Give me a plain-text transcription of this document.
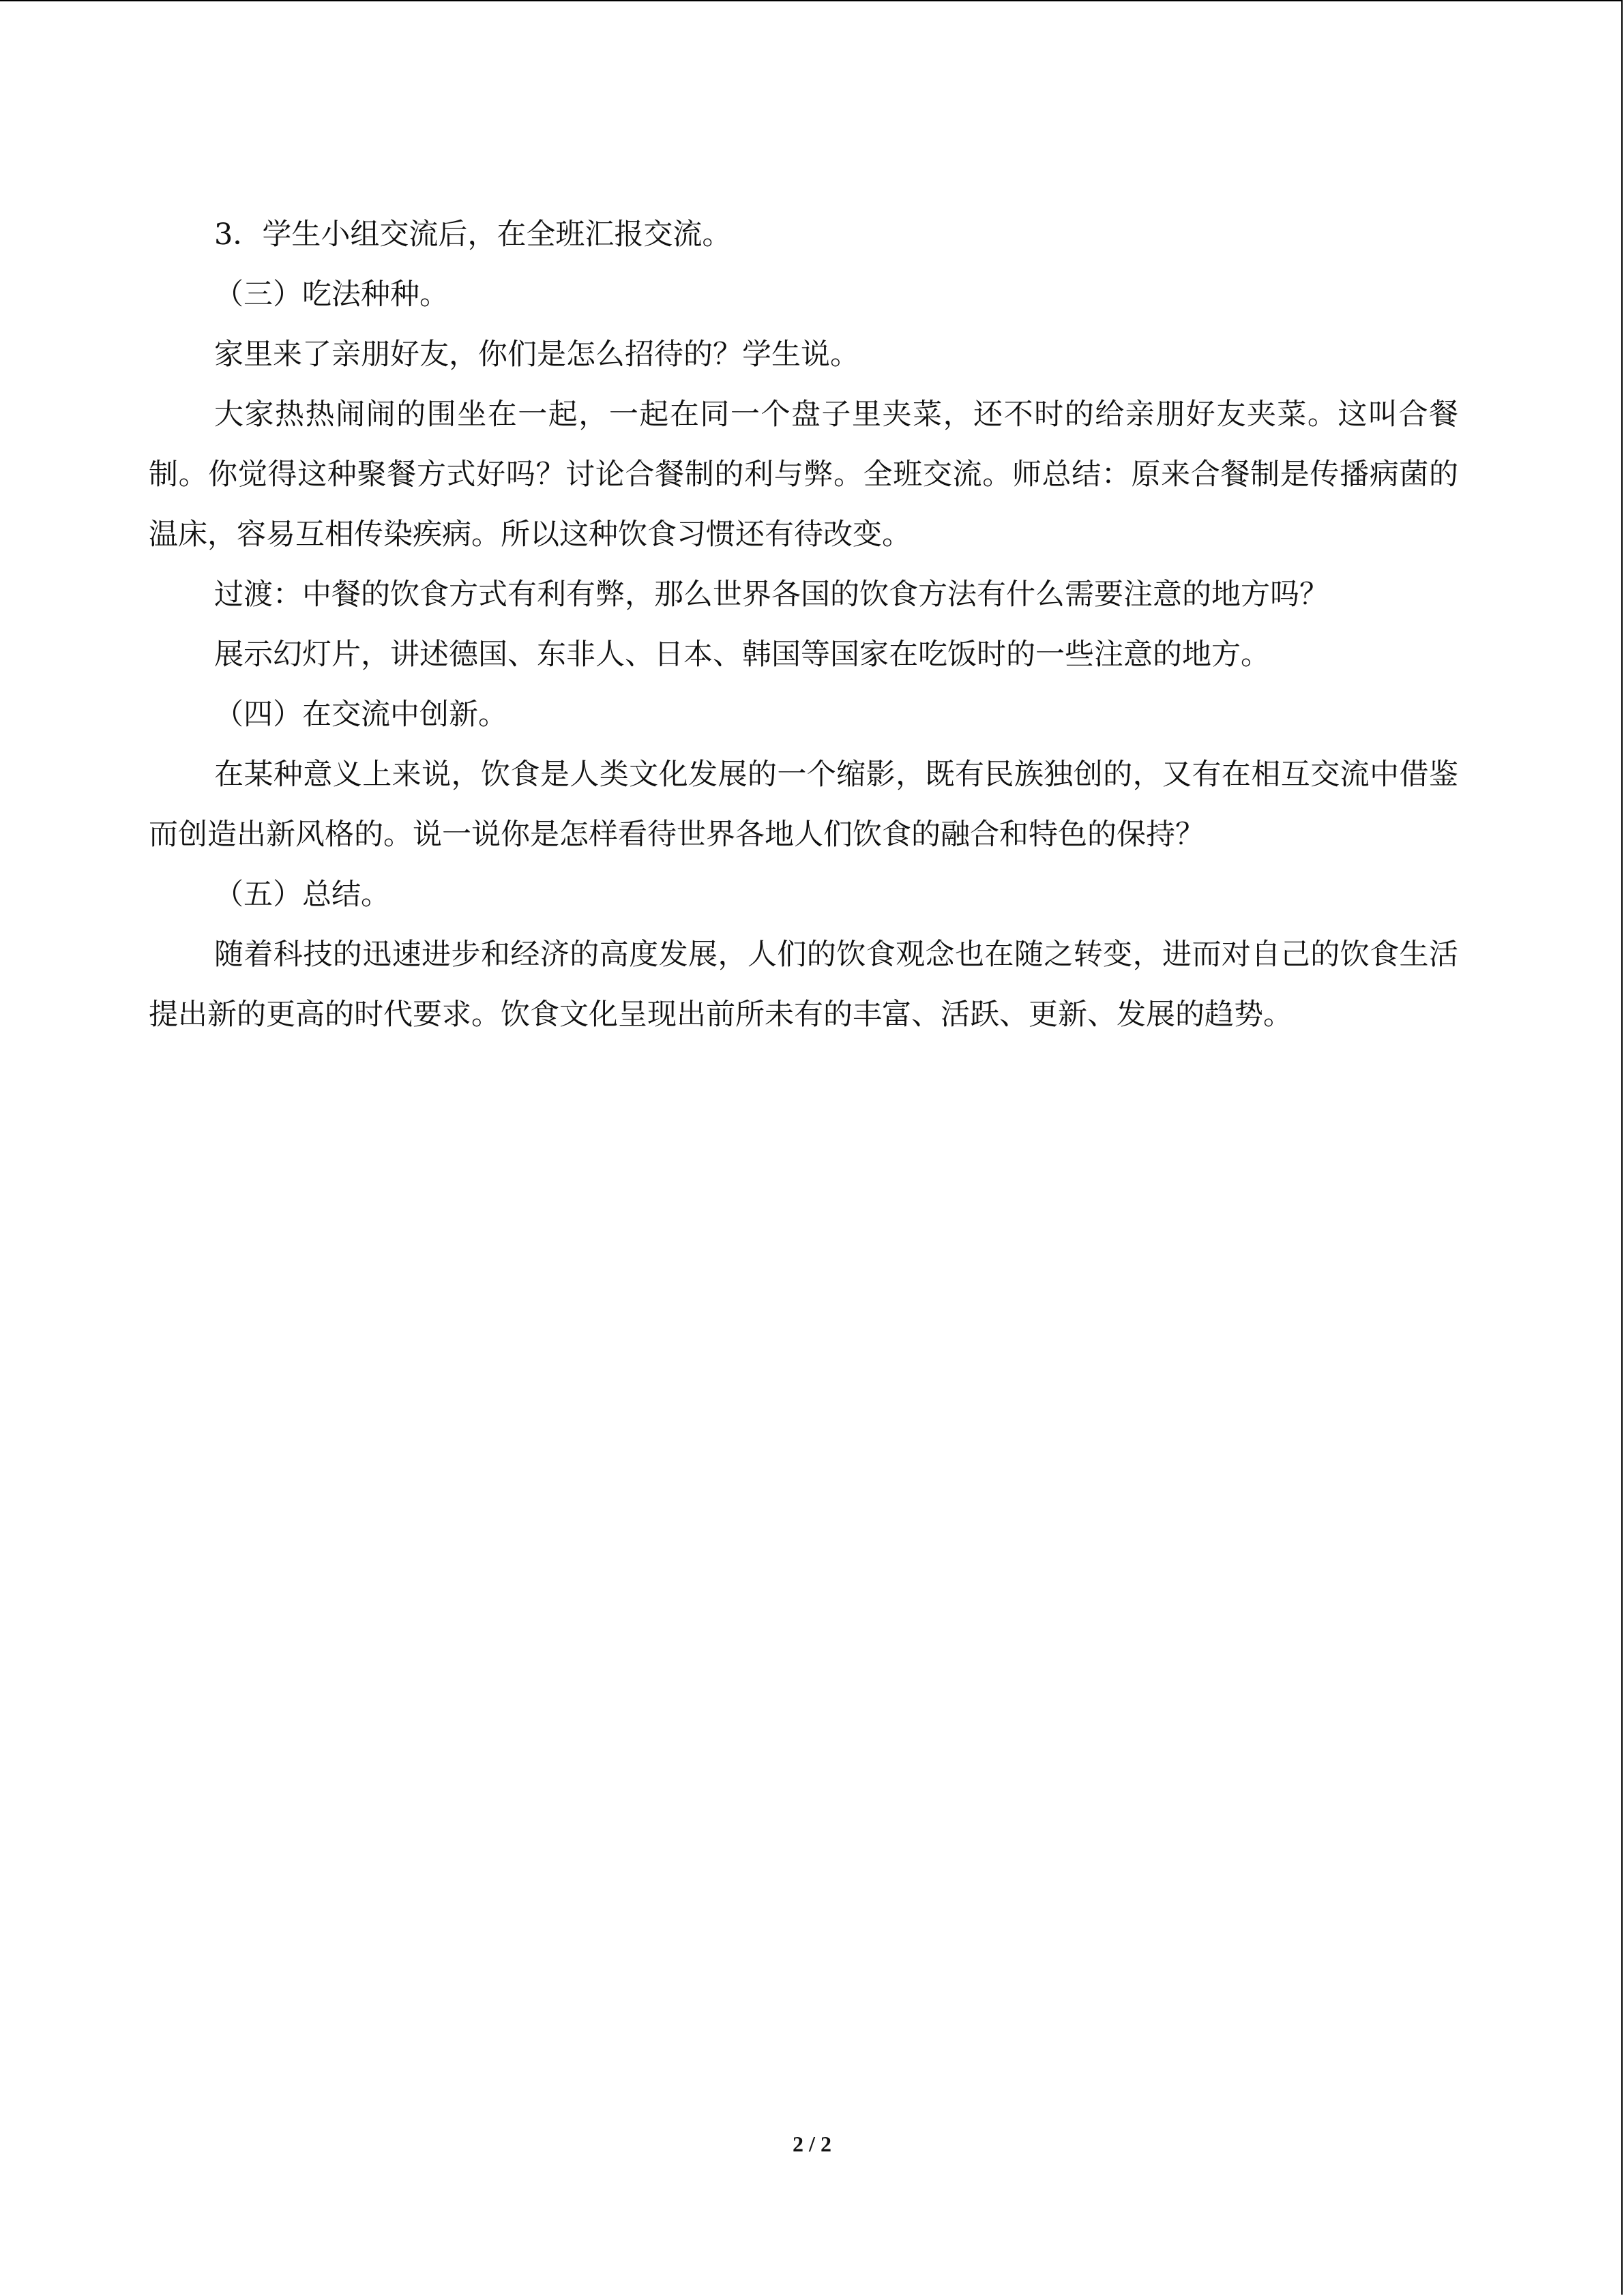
3．学生小组交流后，在全班汇报交流。

（三）吃法种种。

家里来了亲朋好友，你们是怎么招待的？学生说。

大家热热闹闹的围坐在一起，一起在同一个盘子里夹菜，还不时的给亲朋好友夹菜。这叫合餐制。你觉得这种聚餐方式好吗？讨论合餐制的利与弊。全班交流。师总结：原来合餐制是传播病菌的温床，容易互相传染疾病。所以这种饮食习惯还有待改变。

过渡：中餐的饮食方式有利有弊，那么世界各国的饮食方法有什么需要注意的地方吗？

展示幻灯片，讲述德国、东非人、日本、韩国等国家在吃饭时的一些注意的地方。

（四）在交流中创新。

在某种意义上来说，饮食是人类文化发展的一个缩影，既有民族独创的，又有在相互交流中借鉴而创造出新风格的。说一说你是怎样看待世界各地人们饮食的融合和特色的保持？

（五）总结。

随着科技的迅速进步和经济的高度发展，人们的饮食观念也在随之转变，进而对自己的饮食生活提出新的更高的时代要求。饮食文化呈现出前所未有的丰富、活跃、更新、发展的趋势。

2 / 2
